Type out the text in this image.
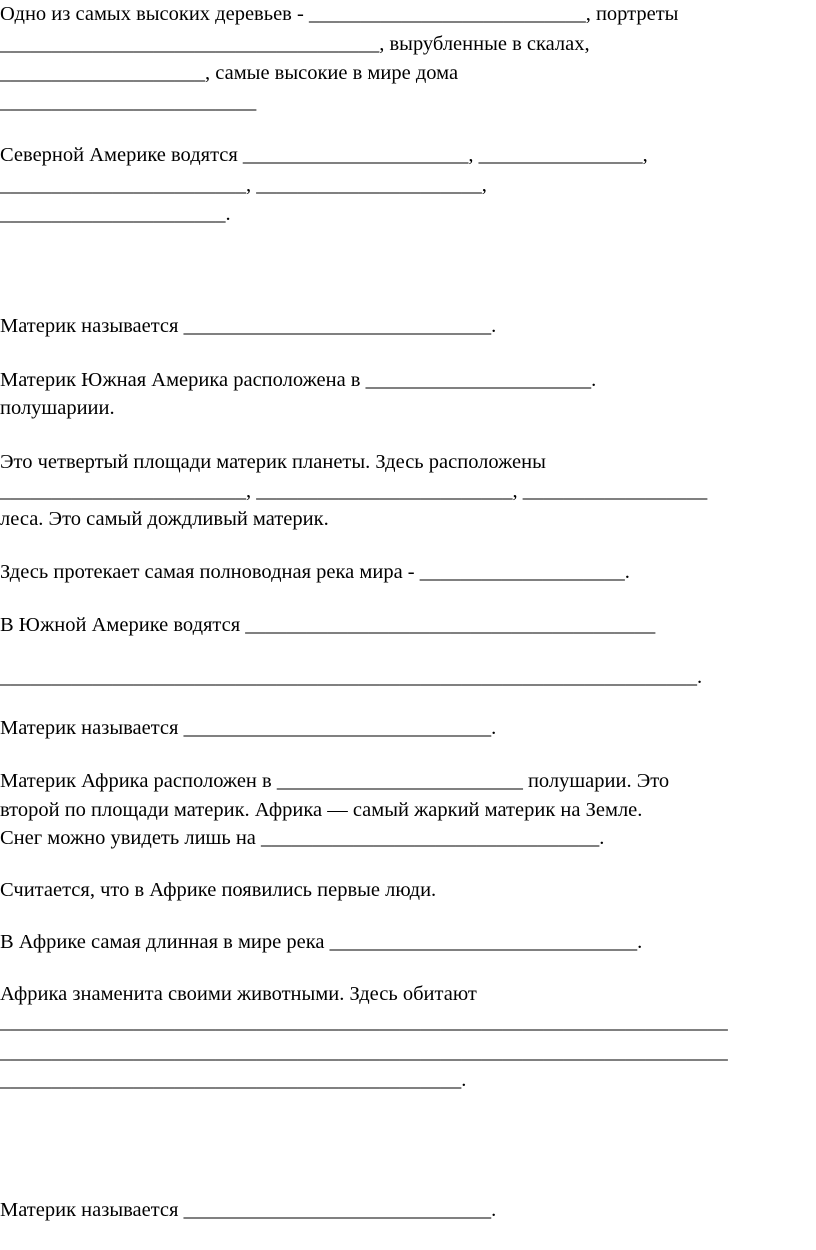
Одно из самых высоких деревьев - ___________________________, портреты
_____________________________________, вырубленные в скалах,
____________________, самые высокие в мире дома
_________________________
Северной Америке водятся ______________________, ________________,
________________________, ______________________,
______________________.
Материк называется ______________________________.
Материк Южная Америка расположена в ______________________.
полушариии.
Это четвертый площади материк планеты. Здесь расположены
________________________, _________________________, __________________
леса. Это самый дождливый материк.
Здесь протекает самая полноводная река мира - ____________________.
В Южной Америке водятся ________________________________________
____________________________________________________________________.
Материк называется ______________________________.
Материк Африка расположен в ________________________ полушарии. Это
второй по площади материк. Африка — самый жаркий материк на Земле.
Снег можно увидеть лишь на _________________________________.
Считается, что в Африке появились первые люди.
В Африке самая длинная в мире река ______________________________.
Африка знаменита своими животными. Здесь обитают
_______________________________________________________________________
_______________________________________________________________________
_____________________________________________.
Материк называется ______________________________.
